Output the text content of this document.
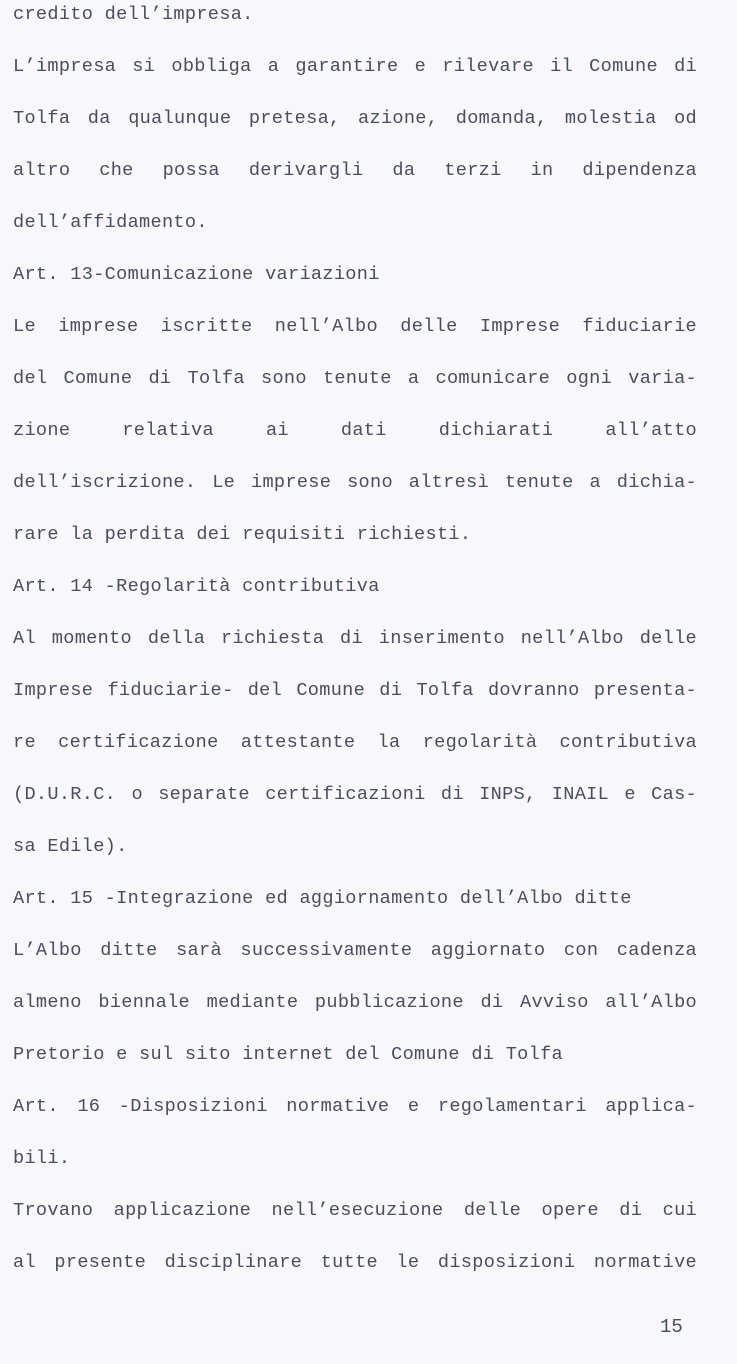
credito dell’impresa.
L’impresa si obbliga a garantire e rilevare il Comune di
Tolfa da qualunque pretesa, azione, domanda, molestia od
altro che possa derivargli da terzi in dipendenza
dell’affidamento.
Art. 13-Comunicazione variazioni
Le imprese iscritte nell’Albo delle Imprese fiduciarie
del Comune di Tolfa sono tenute a comunicare ogni varia-
zione relativa ai dati dichiarati all’atto
dell’iscrizione. Le imprese sono altresì tenute a dichia-
rare la perdita dei requisiti richiesti.
Art. 14 -Regolarità contributiva
Al momento della richiesta di inserimento nell’Albo delle
Imprese fiduciarie- del Comune di Tolfa dovranno presenta-
re certificazione attestante la regolarità contributiva
(D.U.R.C. o separate certificazioni di INPS, INAIL e Cas-
sa Edile).
Art. 15 -Integrazione ed aggiornamento dell’Albo ditte
L’Albo ditte sarà successivamente aggiornato con cadenza
almeno biennale mediante pubblicazione di Avviso all’Albo
Pretorio e sul sito internet del Comune di Tolfa
Art. 16 -Disposizioni normative e regolamentari applica-
bili.
Trovano applicazione nell’esecuzione delle opere di cui
al presente disciplinare tutte le disposizioni normative
15
